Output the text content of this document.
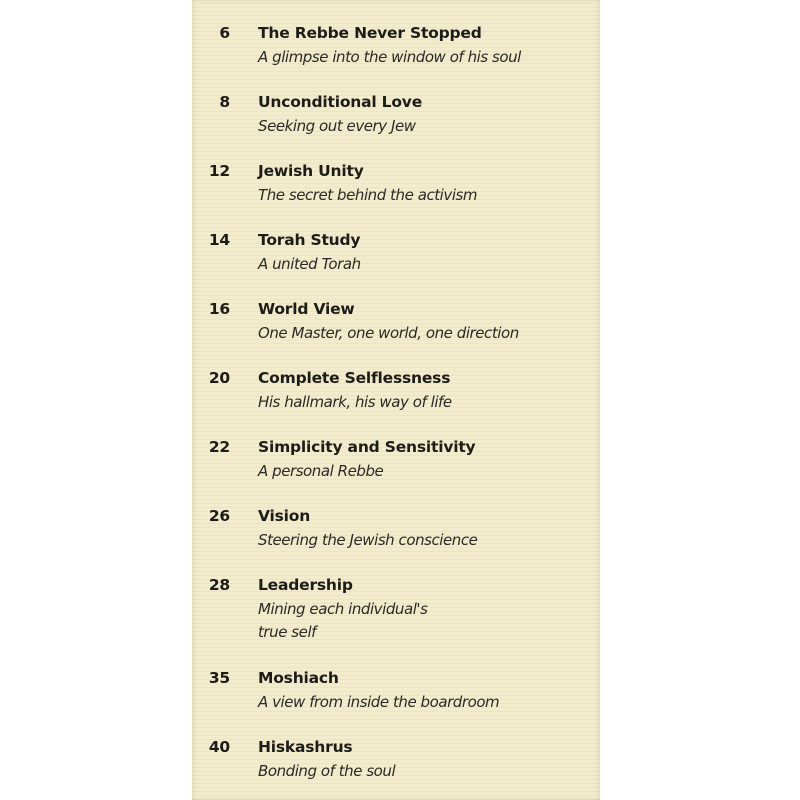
6 The Rebbe Never Stopped
A glimpse into the window of his soul
8 Unconditional Love
Seeking out every Jew
12 Jewish Unity
The secret behind the activism
14 Torah Study
A united Torah
16 World View
One Master, one world, one direction
20 Complete Selflessness
His hallmark, his way of life
22 Simplicity and Sensitivity
A personal Rebbe
26 Vision
Steering the Jewish conscience
28 Leadership
Mining each individual's
true self
35 Moshiach
A view from inside the boardroom
40 Hiskashrus
Bonding of the soul
